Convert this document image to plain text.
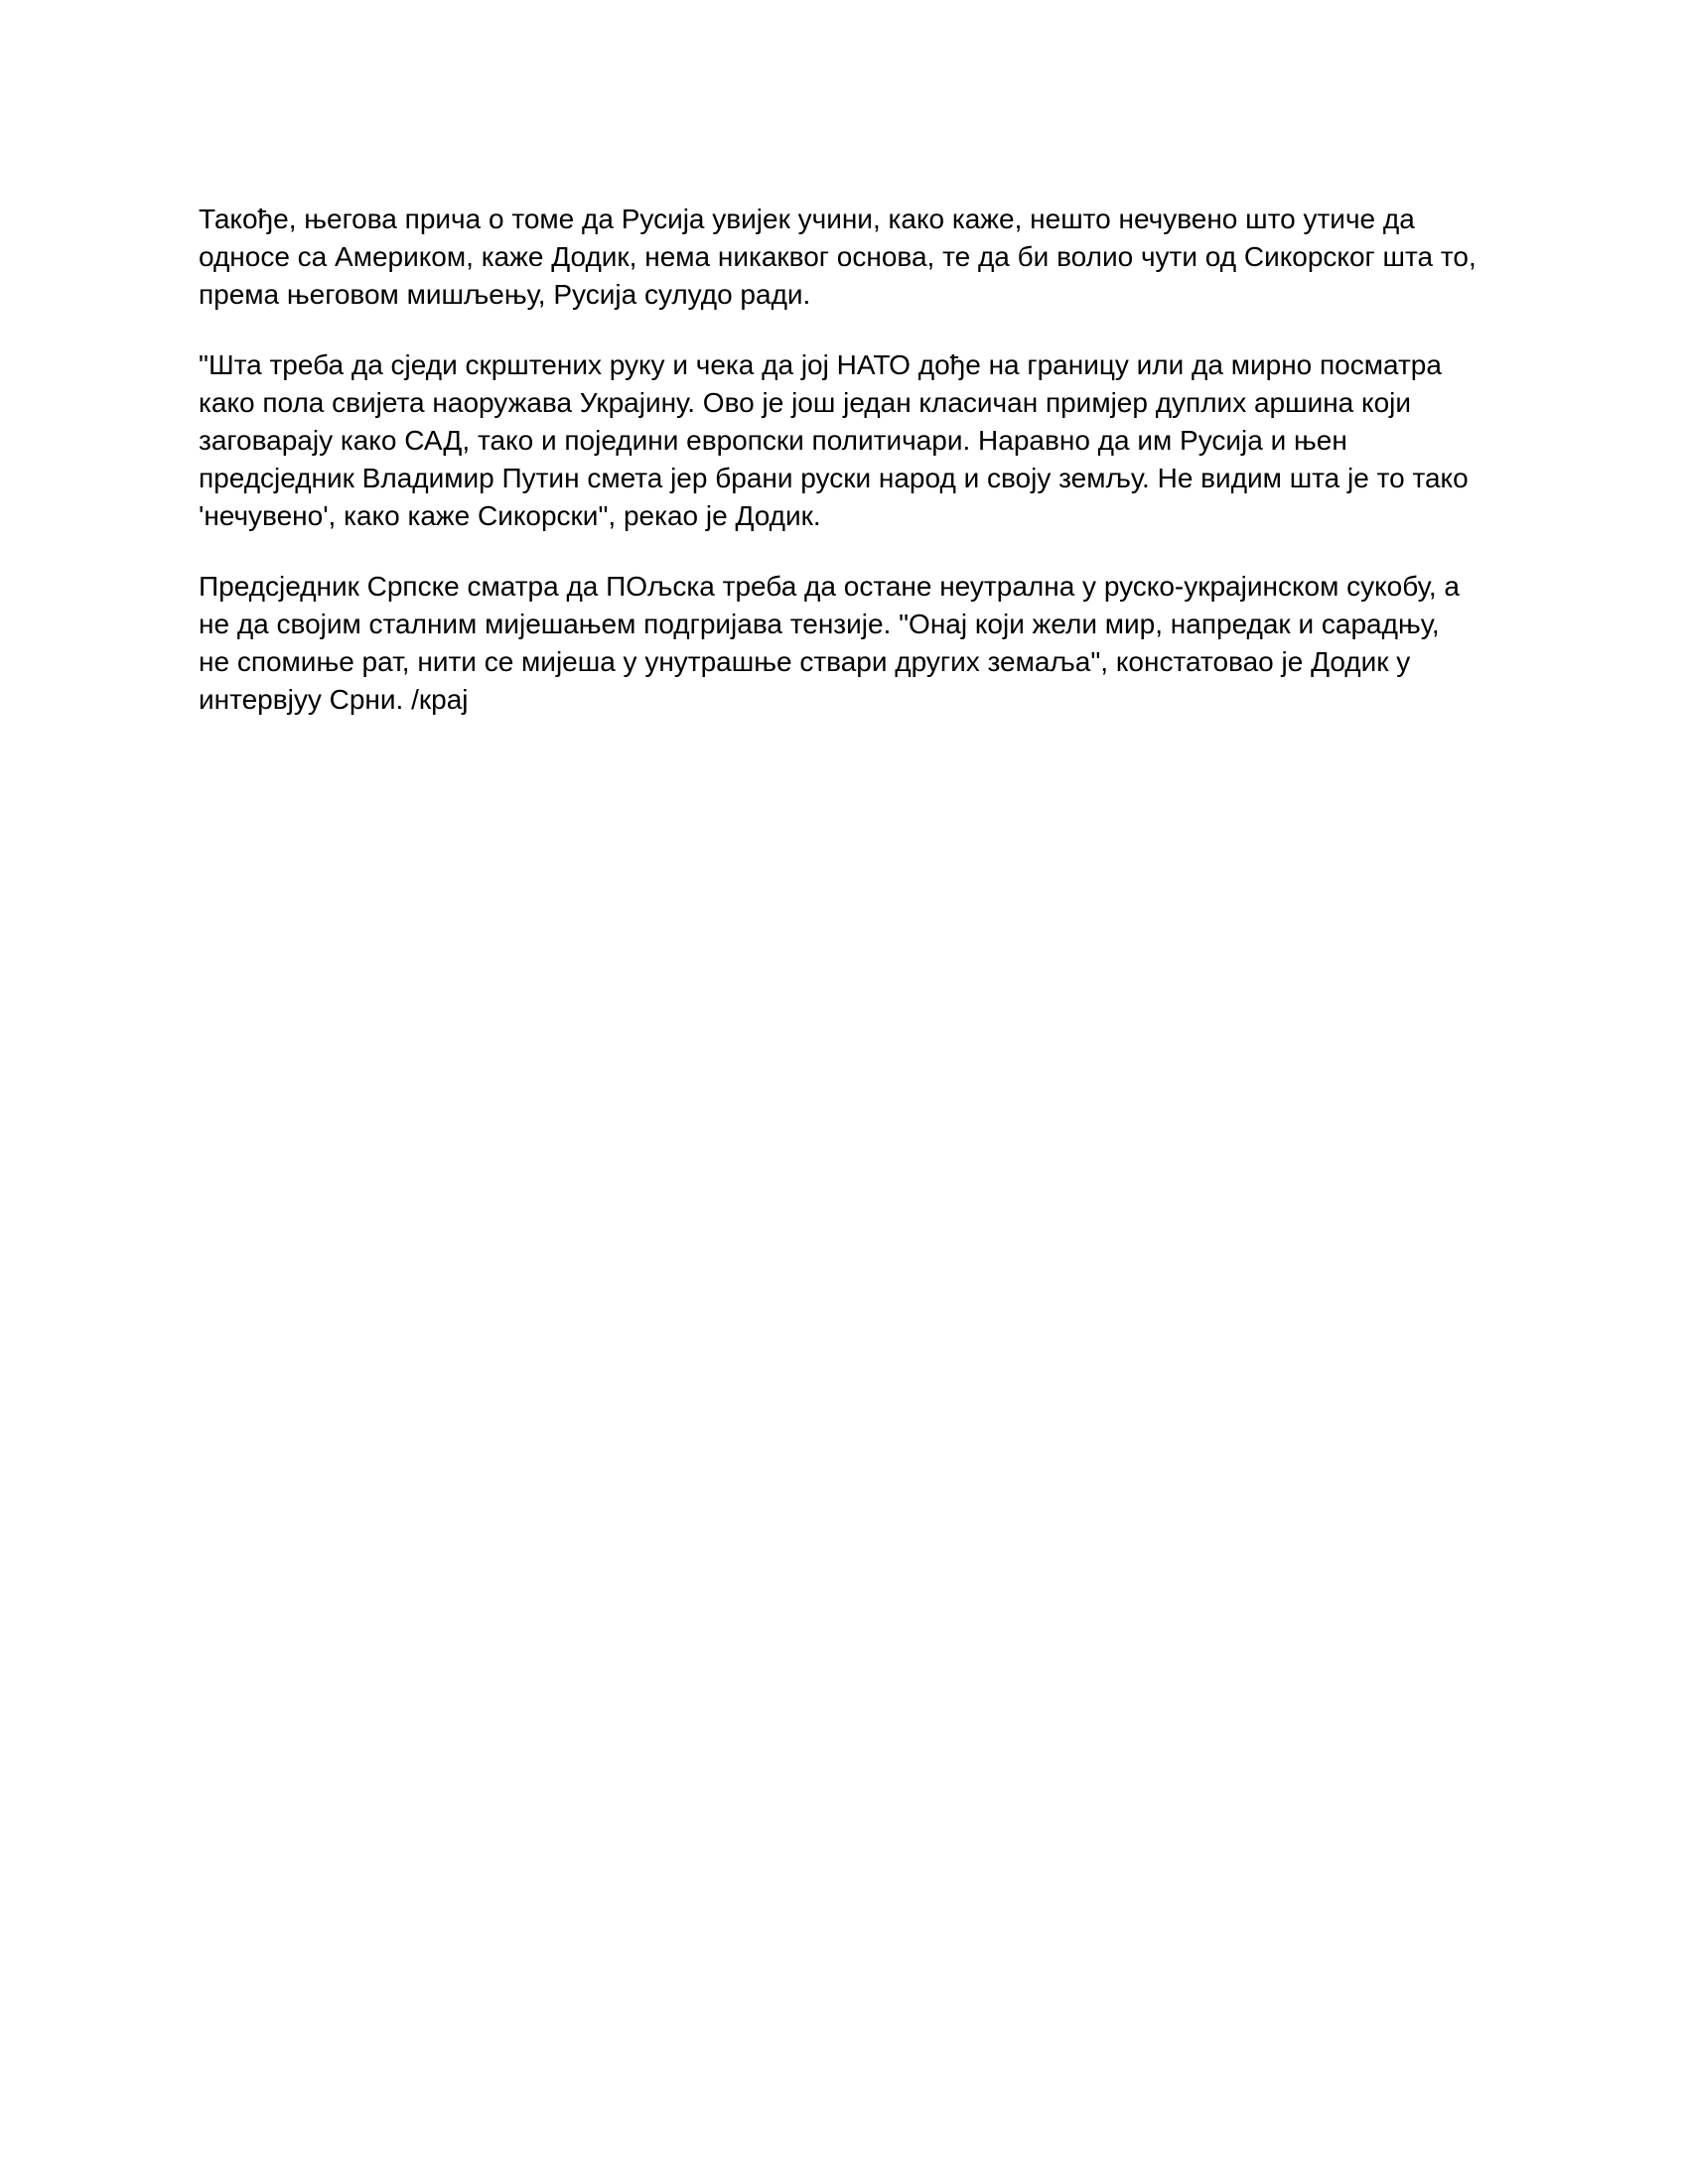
Такође, његова прича о томе да Русија увијек учини, како каже, нешто нечувено што утиче да
односе са Америком, каже Додик, нема никаквог основа, те да би волио чути од Сикорског шта то,
према његовом мишљењу, Русија сулудо ради.

"Шта треба да сједи скрштених руку и чека да јој НАТО дође на границу или да мирно посматра
како пола свијета наоружава Украјину. Ово је још један класичан примјер дуплих аршина који
заговарају како САД, тако и поједини европски политичари. Наравно да им Русија и њен
предсједник Владимир Путин смета јер брани руски народ и своју земљу. Не видим шта је то тако
'нечувено', како каже Сикорски", рекао је Додик.

Предсједник Српске сматра да ПОљска треба да остане неутрална у руско-украјинском сукобу, а
не да својим сталним мијешањем подгријава тензије. "Онај који жели мир, напредак и сарадњу,
не спомиње рат, нити се мијеша у унутрашње ствари других земаља", констатовао је Додик у
интервјуу Срни. /крај
